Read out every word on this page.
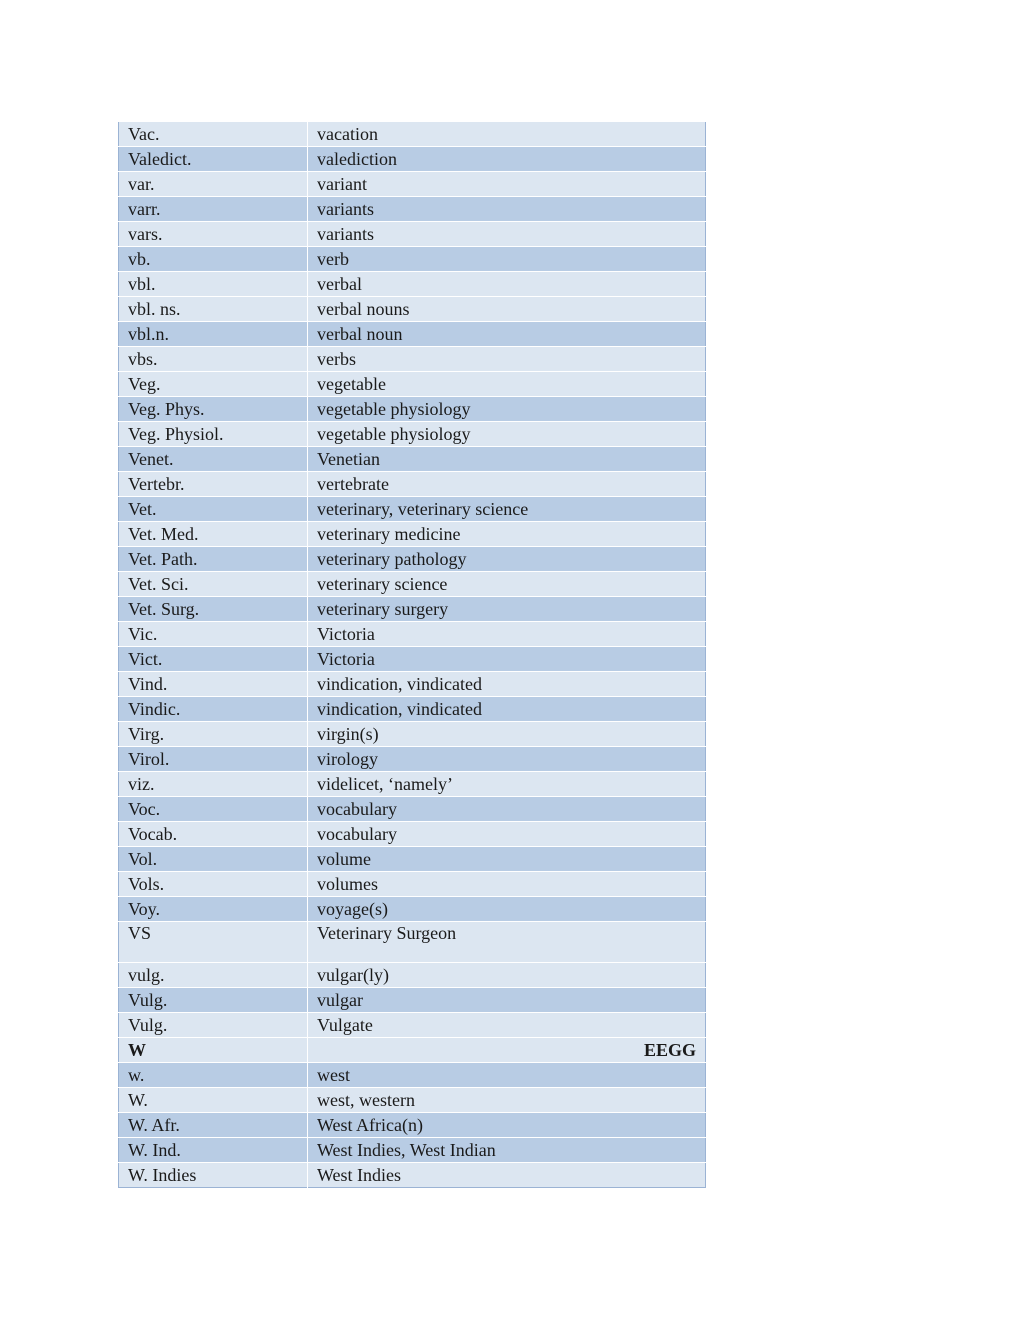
Vac.	vacation
Valedict.	valediction
var.	variant
varr.	variants
vars.	variants
vb.	verb
vbl.	verbal
vbl. ns.	verbal nouns
vbl.n.	verbal noun
vbs.	verbs
Veg.	vegetable
Veg. Phys.	vegetable physiology
Veg. Physiol.	vegetable physiology
Venet.	Venetian
Vertebr.	vertebrate
Vet.	veterinary, veterinary science
Vet. Med.	veterinary medicine
Vet. Path.	veterinary pathology
Vet. Sci.	veterinary science
Vet. Surg.	veterinary surgery
Vic.	Victoria
Vict.	Victoria
Vind.	vindication, vindicated
Vindic.	vindication, vindicated
Virg.	virgin(s)
Virol.	virology
viz.	videlicet, ‘namely’
Voc.	vocabulary
Vocab.	vocabulary
Vol.	volume
Vols.	volumes
Voy.	voyage(s)
VS	Veterinary Surgeon
vulg.	vulgar(ly)
Vulg.	vulgar
Vulg.	Vulgate
W	EEGG
w.	west
W.	west, western
W. Afr.	West Africa(n)
W. Ind.	West Indies, West Indian
W. Indies	West Indies
